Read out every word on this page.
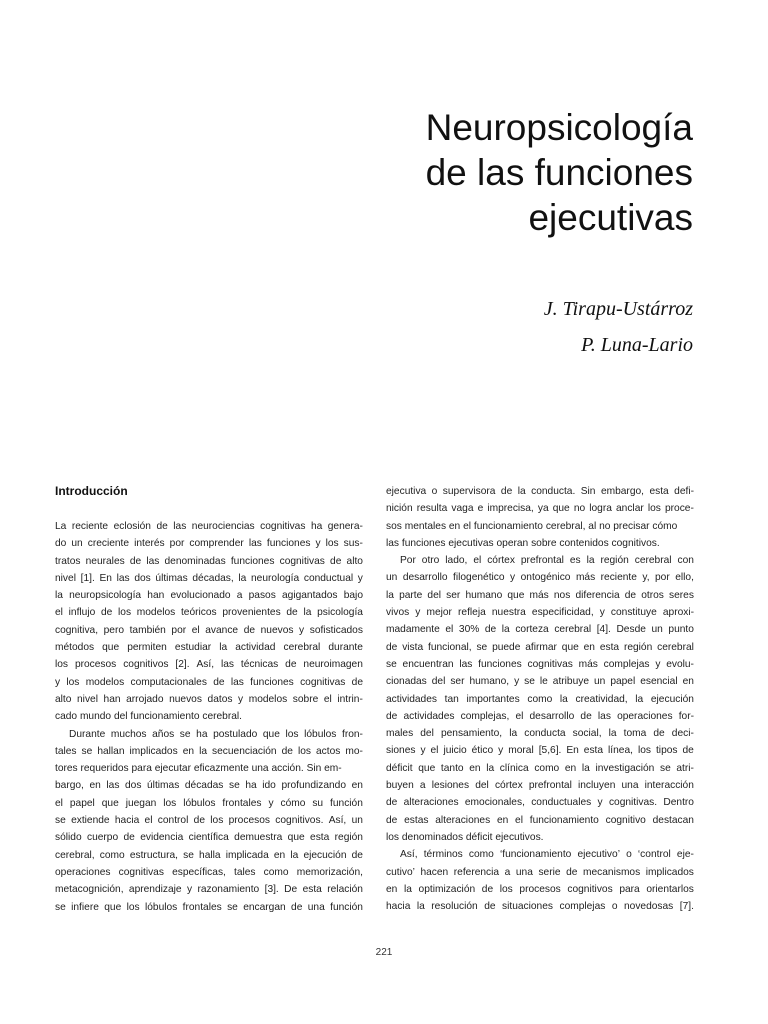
Neuropsicología
de las funciones
ejecutivas
J. Tirapu-Ustárroz
P. Luna-Lario
Introducción
La reciente eclosión de las neurociencias cognitivas ha genera-
do un creciente interés por comprender las funciones y los sus-
tratos neurales de las denominadas funciones cognitivas de alto
nivel [1]. En las dos últimas décadas, la neurología conductual y
la neuropsicología han evolucionado a pasos agigantados bajo
el influjo de los modelos teóricos provenientes de la psicología
cognitiva, pero también por el avance de nuevos y sofisticados
métodos que permiten estudiar la actividad cerebral durante
los procesos cognitivos [2]. Así, las técnicas de neuroimagen
y los modelos computacionales de las funciones cognitivas de
alto nivel han arrojado nuevos datos y modelos sobre el intrin-
cado mundo del funcionamiento cerebral.
Durante muchos años se ha postulado que los lóbulos fron-
tales se hallan implicados en la secuenciación de los actos mo-
tores requeridos para ejecutar eficazmente una acción. Sin em-
bargo, en las dos últimas décadas se ha ido profundizando en
el papel que juegan los lóbulos frontales y cómo su función
se extiende hacia el control de los procesos cognitivos. Así, un
sólido cuerpo de evidencia científica demuestra que esta región
cerebral, como estructura, se halla implicada en la ejecución de
operaciones cognitivas específicas, tales como memorización,
metacognición, aprendizaje y razonamiento [3]. De esta relación
se infiere que los lóbulos frontales se encargan de una función
ejecutiva o supervisora de la conducta. Sin embargo, esta defi-
nición resulta vaga e imprecisa, ya que no logra anclar los proce-
sos mentales en el funcionamiento cerebral, al no precisar cómo
las funciones ejecutivas operan sobre contenidos cognitivos.
Por otro lado, el córtex prefrontal es la región cerebral con
un desarrollo filogenético y ontogénico más reciente y, por ello,
la parte del ser humano que más nos diferencia de otros seres
vivos y mejor refleja nuestra especificidad, y constituye aproxi-
madamente el 30% de la corteza cerebral [4]. Desde un punto
de vista funcional, se puede afirmar que en esta región cerebral
se encuentran las funciones cognitivas más complejas y evolu-
cionadas del ser humano, y se le atribuye un papel esencial en
actividades tan importantes como la creatividad, la ejecución
de actividades complejas, el desarrollo de las operaciones for-
males del pensamiento, la conducta social, la toma de deci-
siones y el juicio ético y moral [5,6]. En esta línea, los tipos de
déficit que tanto en la clínica como en la investigación se atri-
buyen a lesiones del córtex prefrontal incluyen una interacción
de alteraciones emocionales, conductuales y cognitivas. Dentro
de estas alteraciones en el funcionamiento cognitivo destacan
los denominados déficit ejecutivos.
Así, términos como ‘funcionamiento ejecutivo’ o ‘control eje-
cutivo’ hacen referencia a una serie de mecanismos implicados
en la optimización de los procesos cognitivos para orientarlos
hacia la resolución de situaciones complejas o novedosas [7].
221
